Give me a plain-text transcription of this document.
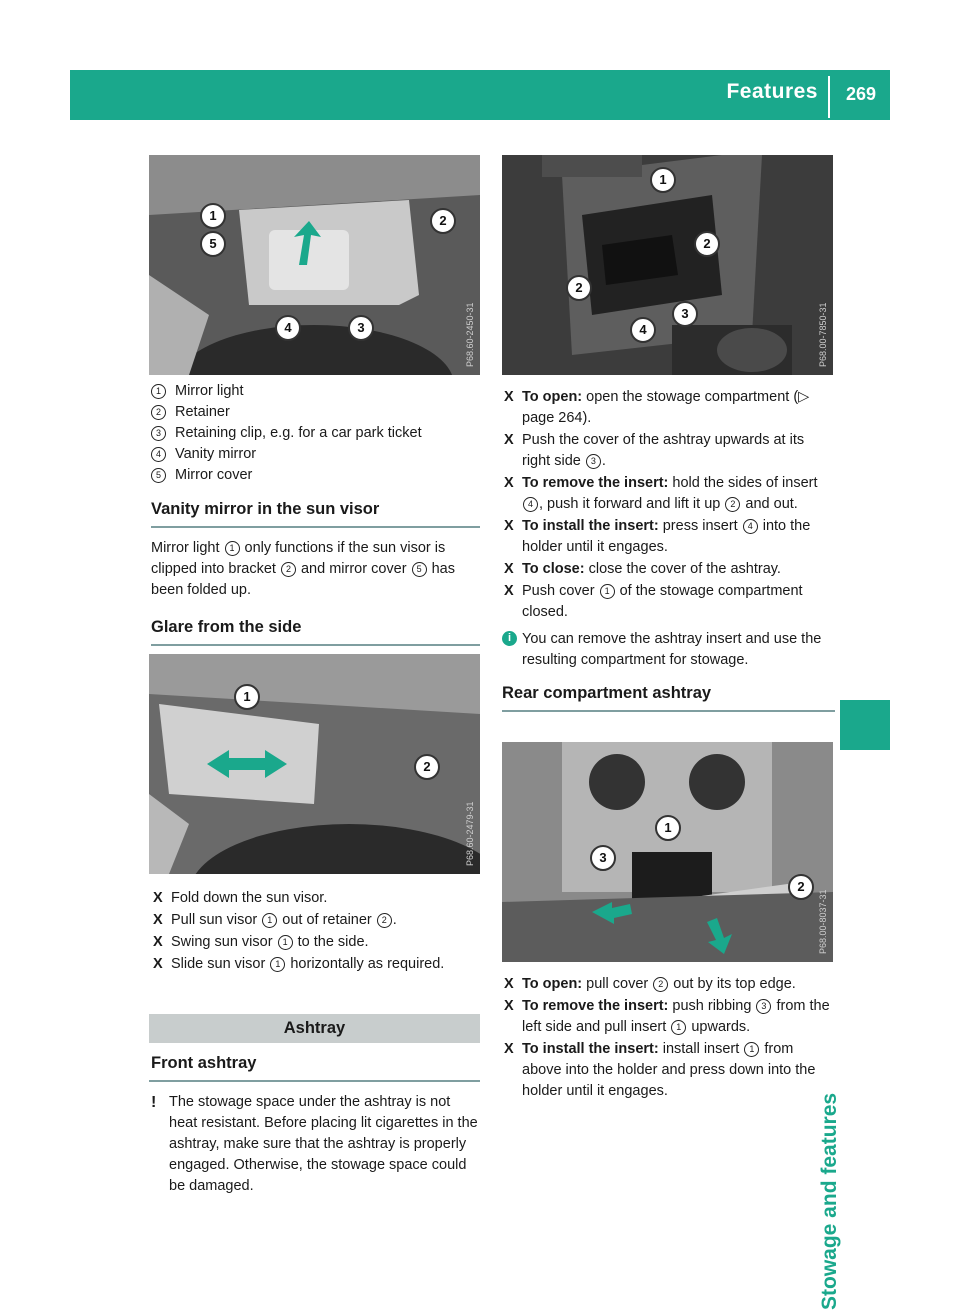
Features	269
Stowage and features
1	2
5
4	3	P68.60-2450-31
1
2
2
3
4	P68.00-7850-31
1 Mirror light
2 Retainer
3 Retaining clip, e.g. for a car park ticket
4 Vanity mirror
5 Mirror cover
Vanity mirror in the sun visor

Mirror light 1 only functions if the sun visor is clipped into bracket 2 and mirror cover 5 has been folded up.

Glare from the side
1
2
P68.60-2479-31
X Fold down the sun visor.
X Pull sun visor 1 out of retainer 2 .
X Swing sun visor 1 to the side.
X Slide sun visor 1 horizontally as required.
Ashtray
Front ashtray
! The stowage space under the ashtray is not heat resistant. Before placing lit cigarettes in the ashtray, make sure that the ashtray is properly engaged. Otherwise, the stowage space could be damaged.
X To open: open the stowage compartment (▷ page 264).
X Push the cover of the ashtray upwards at its right side 3 .
X To remove the insert: hold the sides of insert 4 , push it forward and lift it up 2 and out.
X To install the insert: press insert 4 into the holder until it engages.
X To close: close the cover of the ashtray.
X Push cover 1 of the stowage compartment closed.
i You can remove the ashtray insert and use the resulting compartment for stowage.
Rear compartment ashtray
1
2
3
P68.00-8037-31
X To open: pull cover 2 out by its top edge.
X To remove the insert: push ribbing 3 from the left side and pull insert 1 upwards.
X To install the insert: install insert 1 from above into the holder and press down into the holder until it engages.
